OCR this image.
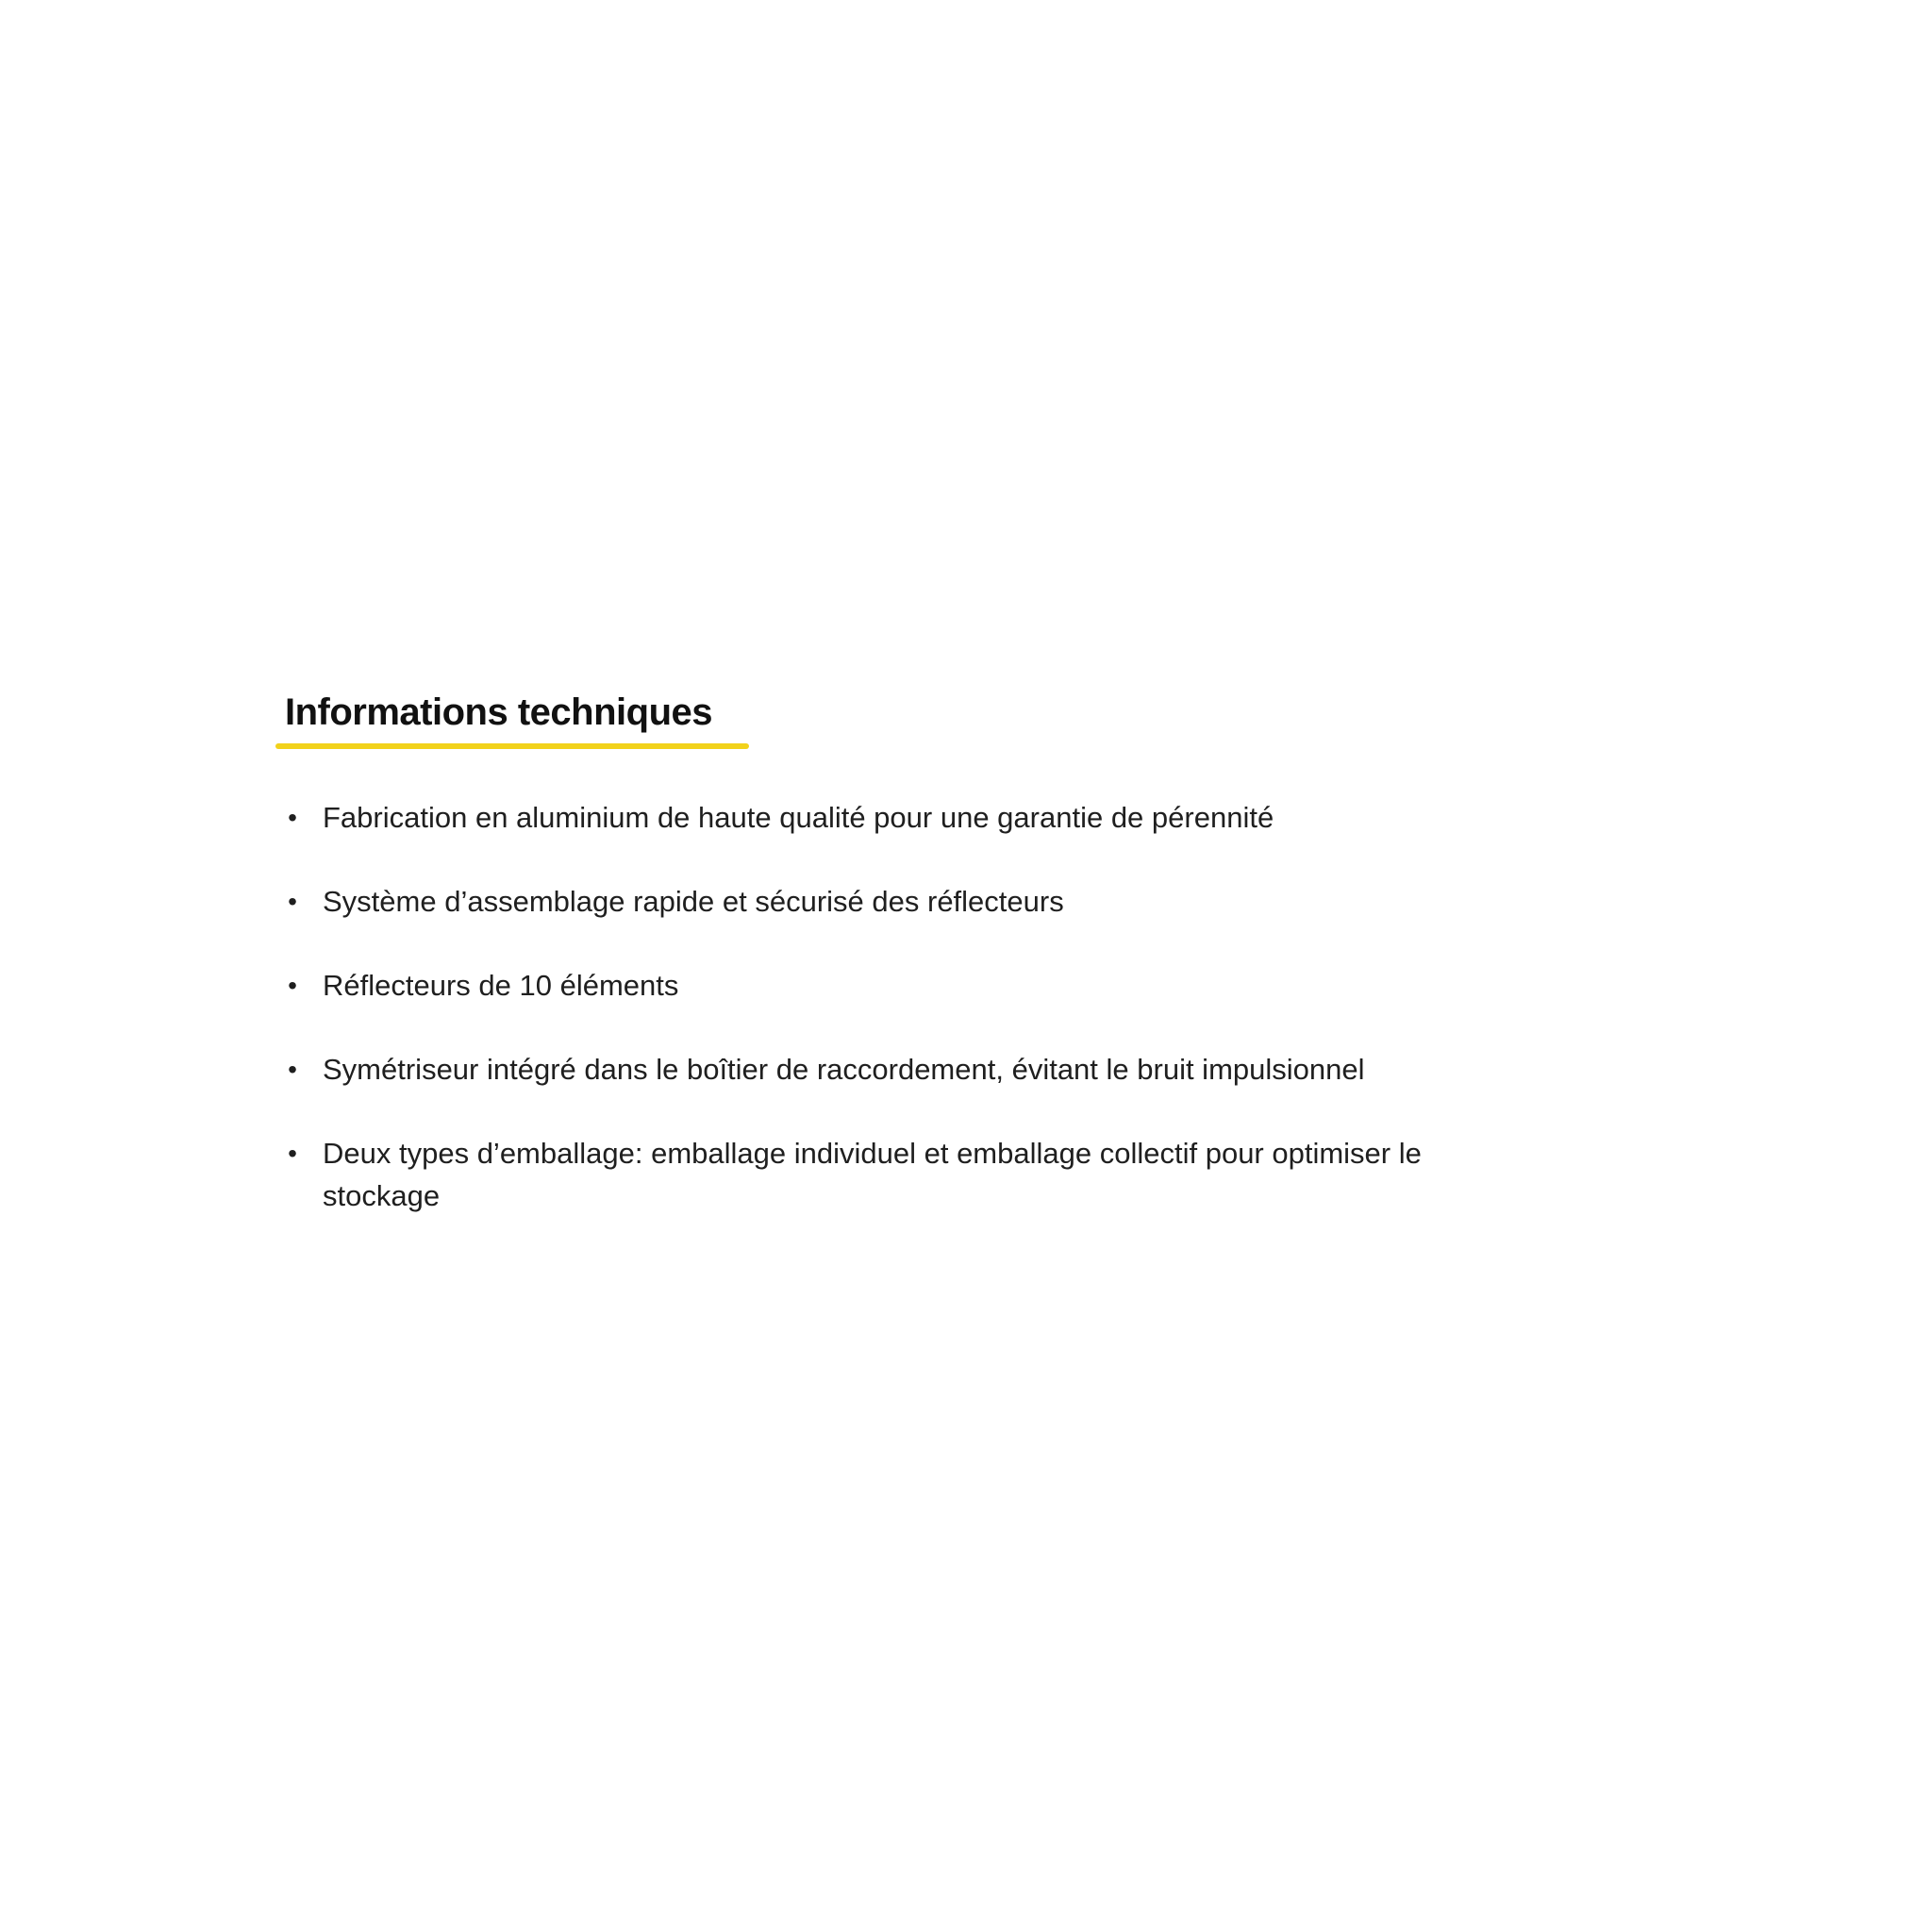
Informations techniques
• Fabrication en aluminium de haute qualité pour une garantie de pérennité
• Système d’assemblage rapide et sécurisé des réflecteurs
• Réflecteurs de 10 éléments
• Symétriseur intégré dans le boîtier de raccordement, évitant le bruit impulsionnel
• Deux types d’emballage: emballage individuel et emballage collectif pour optimiser le stockage
